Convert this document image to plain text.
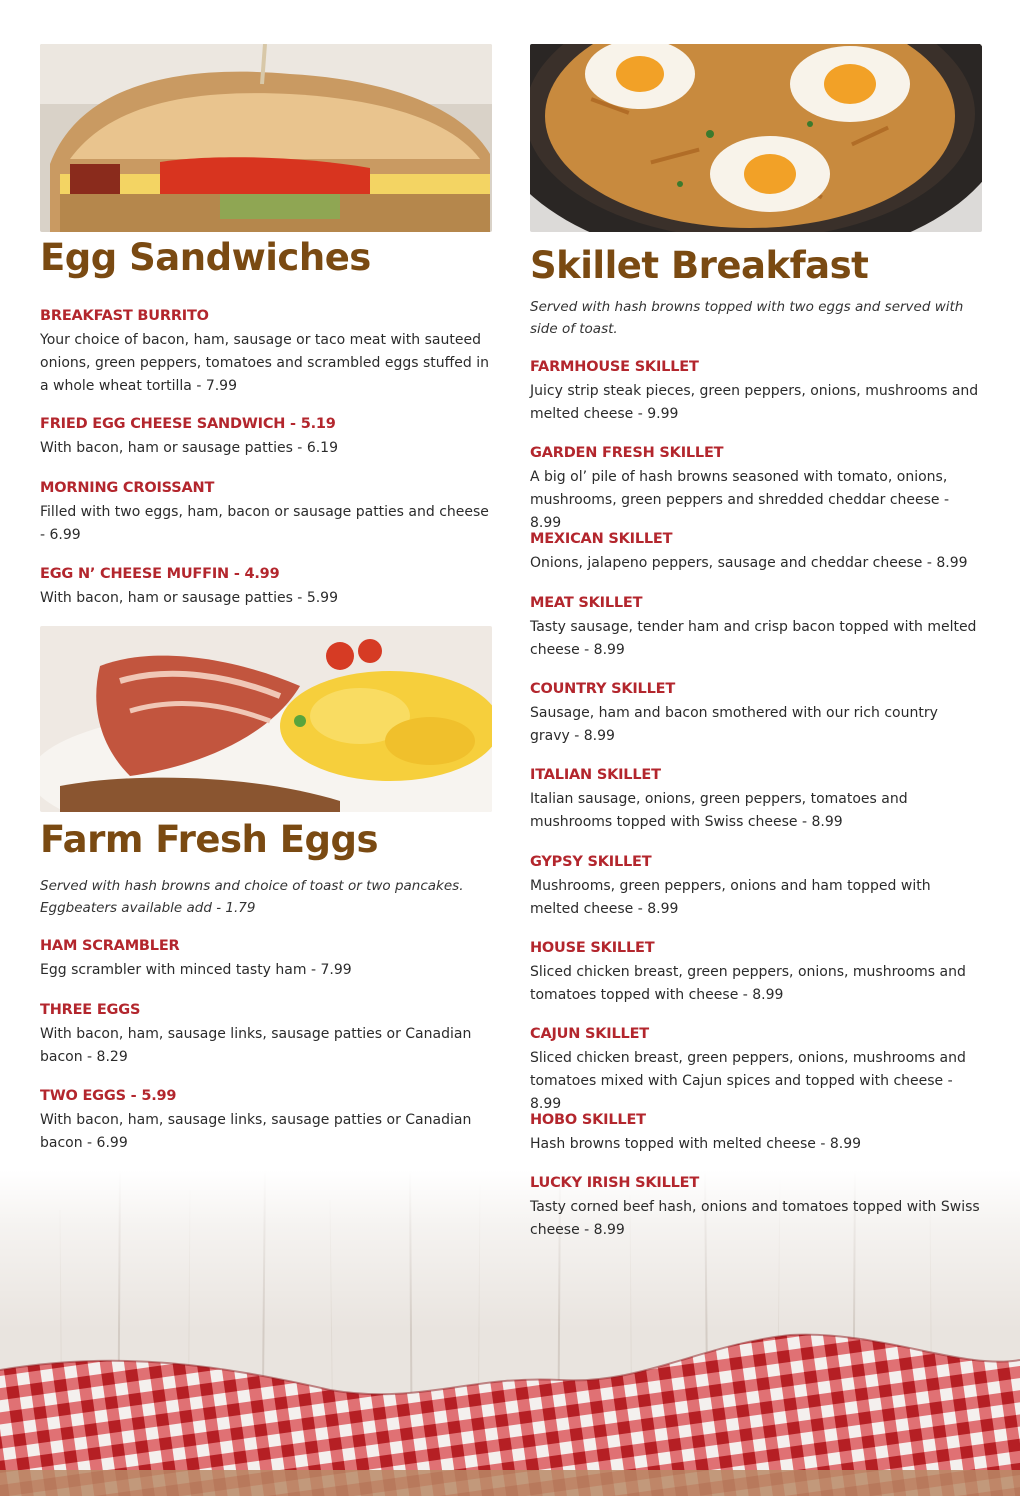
Egg Sandwiches

BREAKFAST BURRITO

Your choice of bacon, ham, sausage or taco meat with sauteed onions, green peppers, tomatoes and scrambled eggs stuffed in a whole wheat tortilla - 7.99

FRIED EGG CHEESE SANDWICH - 5.19

With bacon, ham or sausage patties - 6.19

MORNING CROISSANT

Filled with two eggs, ham, bacon or sausage patties and cheese - 6.99

EGG N’ CHEESE MUFFIN - 4.99

With bacon, ham or sausage patties - 5.99

Farm Fresh Eggs
Served with hash browns and choice of toast or two pancakes. Eggbeaters available add - 1.79

HAM SCRAMBLER

Egg scrambler with minced tasty ham - 7.99

THREE EGGS

With bacon, ham, sausage links, sausage patties or Canadian bacon - 8.29

TWO EGGS - 5.99

With bacon, ham, sausage links, sausage patties or Canadian bacon - 6.99

Skillet Breakfast
Served with hash browns topped with two eggs and served with side of toast.

FARMHOUSE SKILLET

Juicy strip steak pieces, green peppers, onions, mushrooms and melted cheese - 9.99

GARDEN FRESH SKILLET

A big ol’ pile of hash browns seasoned with tomato, onions, mushrooms, green peppers and shredded cheddar cheese - 8.99

MEXICAN SKILLET

Onions, jalapeno peppers, sausage and cheddar cheese - 8.99

MEAT SKILLET

Tasty sausage, tender ham and crisp bacon topped with melted cheese - 8.99

COUNTRY SKILLET

Sausage, ham and bacon smothered with our rich country gravy - 8.99

ITALIAN SKILLET

Italian sausage, onions, green peppers, tomatoes and mushrooms topped with Swiss cheese - 8.99

GYPSY SKILLET

Mushrooms, green peppers, onions and ham topped with melted cheese - 8.99

HOUSE SKILLET

Sliced chicken breast, green peppers, onions, mushrooms and tomatoes topped with cheese - 8.99

CAJUN SKILLET

Sliced chicken breast, green peppers, onions, mushrooms and tomatoes mixed with Cajun spices and topped with cheese - 8.99

HOBO SKILLET

Hash browns topped with melted cheese - 8.99

LUCKY IRISH SKILLET

Tasty corned beef hash, onions and tomatoes topped with Swiss cheese - 8.99
